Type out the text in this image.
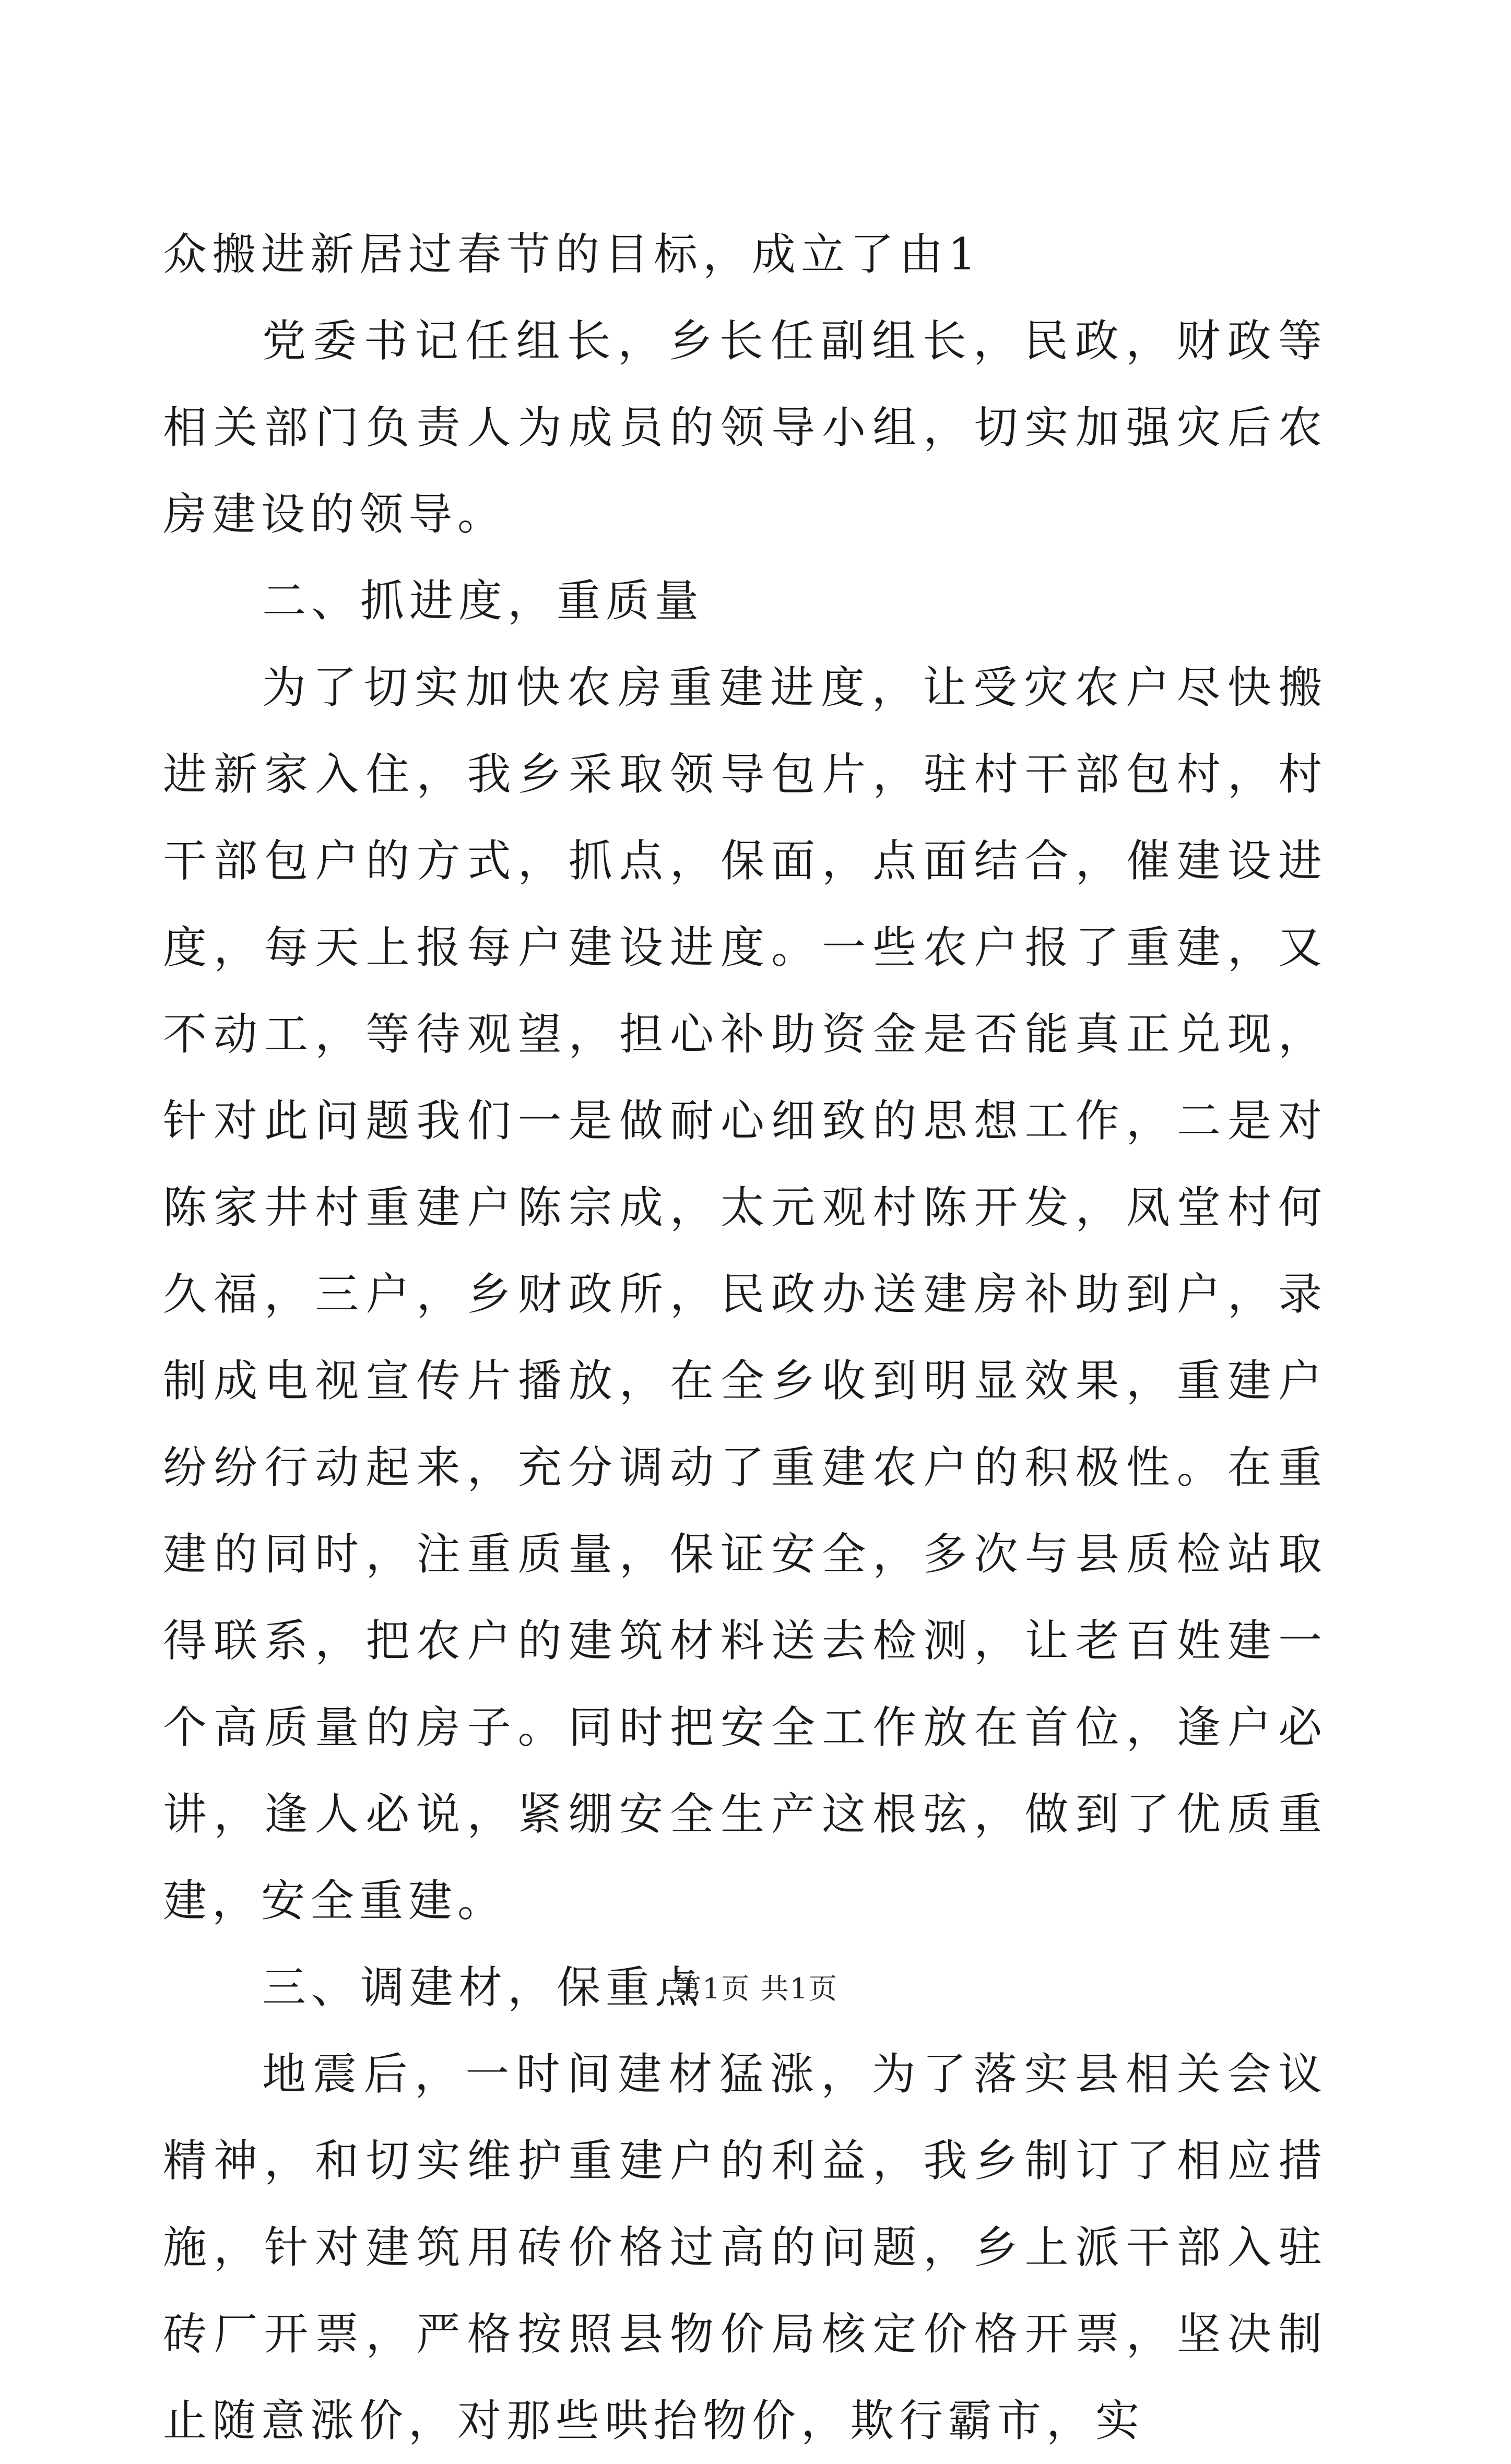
众搬进新居过春节的目标，成立了由1

党委书记任组长，乡长任副组长，民政，财政等相关部门负责人为成员的领导小组，切实加强灾后农房建设的领导。

二、抓进度，重质量

为了切实加快农房重建进度，让受灾农户尽快搬进新家入住，我乡采取领导包片，驻村干部包村，村干部包户的方式，抓点，保面，点面结合，催建设进度，每天上报每户建设进度。一些农户报了重建，又不动工，等待观望，担心补助资金是否能真正兑现，针对此问题我们一是做耐心细致的思想工作，二是对陈家井村重建户陈宗成，太元观村陈开发，凤堂村何久福，三户，乡财政所，民政办送建房补助到户，录制成电视宣传片播放，在全乡收到明显效果，重建户纷纷行动起来，充分调动了重建农户的积极性。在重建的同时，注重质量，保证安全，多次与县质检站取得联系，把农户的建筑材料送去检测，让老百姓建一个高质量的房子。同时把安全工作放在首位，逢户必讲，逢人必说，紧绷安全生产这根弦，做到了优质重建，安全重建。

三、调建材，保重点

地震后，一时间建材猛涨，为了落实县相关会议精神，和切实维护重建户的利益，我乡制订了相应措施，针对建筑用砖价格过高的问题，乡上派干部入驻砖厂开票，严格按照县物价局核定价格开票，坚决制止随意涨价，对那些哄抬物价，欺行霸市，实

第1页 共1页
